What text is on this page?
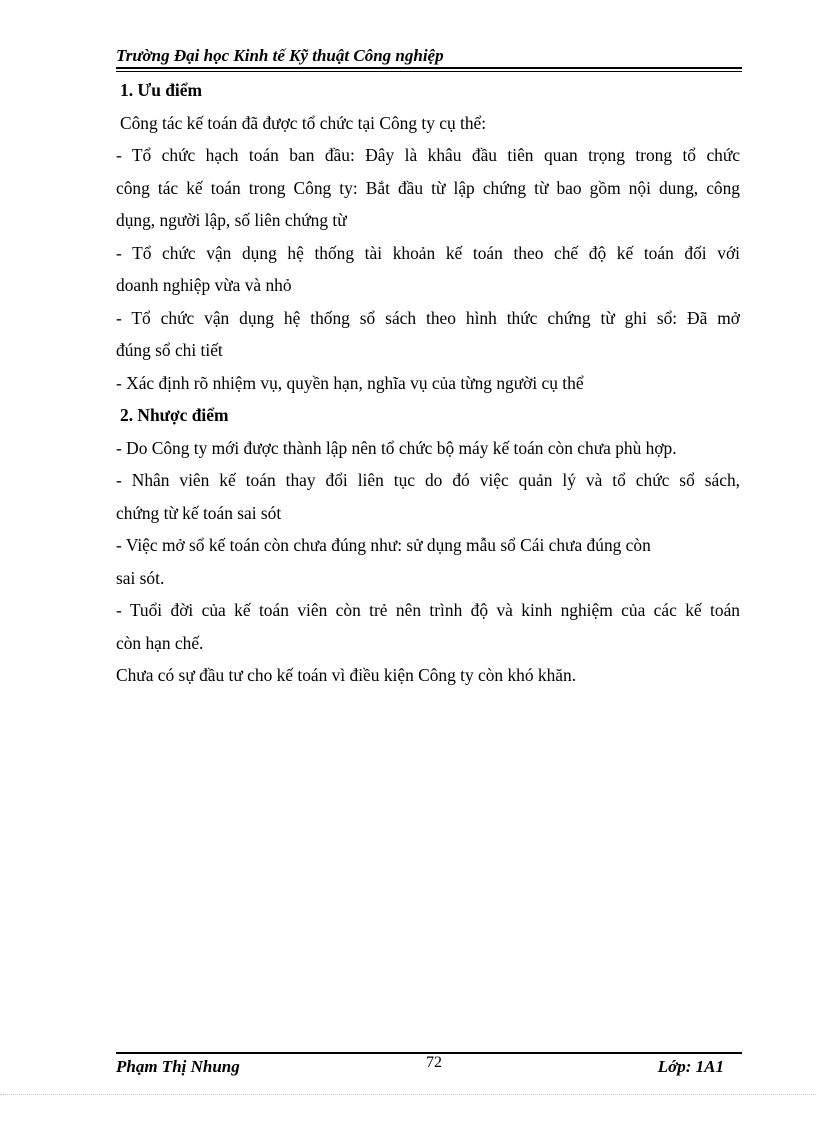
Trường Đại học Kinh tế Kỹ thuật Công nghiệp
1. Ưu điểm
Công tác kế toán đã được tổ chức tại Công ty cụ thể:
- Tổ chức hạch toán ban đầu: Đây là khâu đầu tiên quan trọng trong tổ chức
công tác kế toán trong Công ty: Bắt đầu từ lập chứng từ bao gồm nội dung, công
dụng, người lập, số liên chứng từ
- Tổ chức vận dụng hệ thống tài khoản kế toán theo chế độ kế toán đối với
doanh nghiệp vừa và nhỏ
- Tổ chức vận dụng hệ thống sổ sách theo hình thức chứng từ ghi sổ: Đã mở
đúng sổ chi tiết
- Xác định rõ nhiệm vụ, quyền hạn, nghĩa vụ của từng người cụ thể
2. Nhược điểm
- Do Công ty mới được thành lập nên tổ chức bộ máy kế toán còn chưa phù hợp.
- Nhân viên kế toán thay đổi liên tục do đó việc quản lý và tổ chức sổ sách,
chứng từ kế toán sai sót
- Việc mở sổ kế toán còn chưa đúng như: sử dụng mẫu sổ Cái chưa đúng còn
sai sót.
- Tuổi đời của kế toán viên còn trẻ nên trình độ và kinh nghiệm của các kế toán
còn hạn chế.
Chưa có sự đầu tư cho kế toán vì điều kiện Công ty còn khó khăn.
Phạm Thị Nhung	72	Lớp: 1A1
